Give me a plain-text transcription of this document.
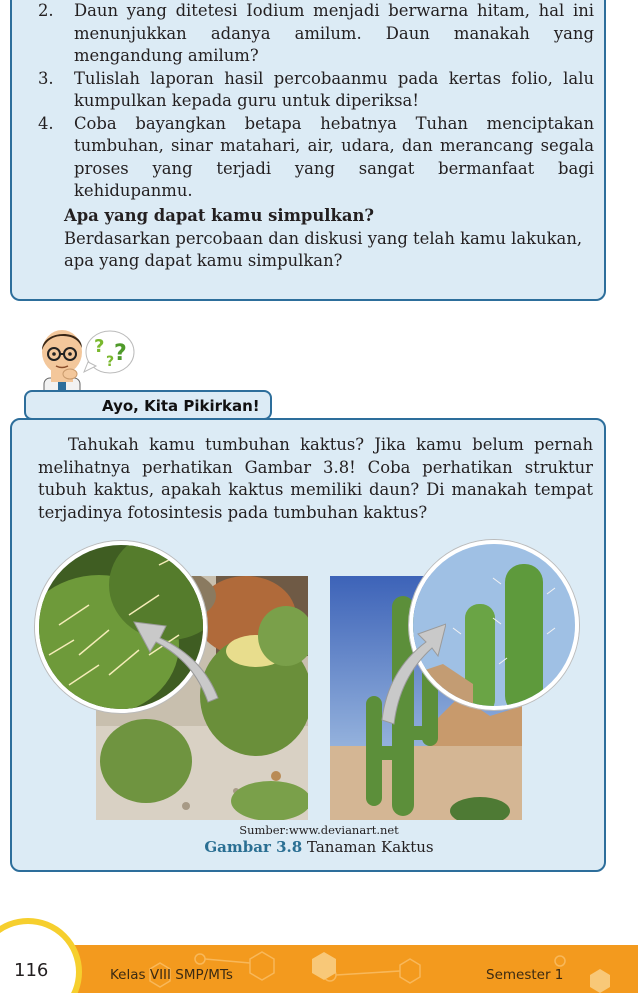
2. Daun yang ditetesi Iodium menjadi berwarna hitam, hal ini menunjukkan adanya amilum. Daun manakah yang mengandung amilum?
3. Tulislah laporan hasil percobaanmu pada kertas folio, lalu kumpulkan kepada guru untuk diperiksa!
4. Coba bayangkan betapa hebatnya Tuhan menciptakan tumbuhan, sinar matahari, air, udara, dan merancang segala proses yang terjadi yang sangat bermanfaat bagi kehidupanmu.
Apa yang dapat kamu simpulkan?
Berdasarkan percobaan dan diskusi yang telah kamu lakukan, apa yang dapat kamu simpulkan?
?
? ?
Tahukah kamu tumbuhan kaktus? Jika kamu belum pernah melihatnya perhatikan Gambar 3.8! Coba perhatikan struktur tubuh kaktus, apakah kaktus memiliki daun? Di manakah tempat terjadinya fotosintesis pada tumbuhan kaktus?
Ayo, Kita Pikirkan!
Sumber:www.devianart.net
Gambar 3.8 Tanaman Kaktus
116	Kelas VIII SMP/MTs	Semester 1
